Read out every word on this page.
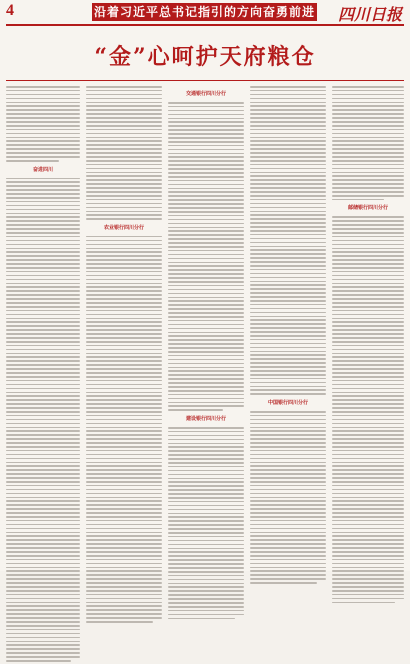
4	沿着习近平总书记指引的方向奋勇前进 四川日报
“金”心呵护天府粮仓
奋进四川
农业银行四川分行
交通银行四川分行
建设银行四川分行
中国银行四川分行
邮储银行四川分行
